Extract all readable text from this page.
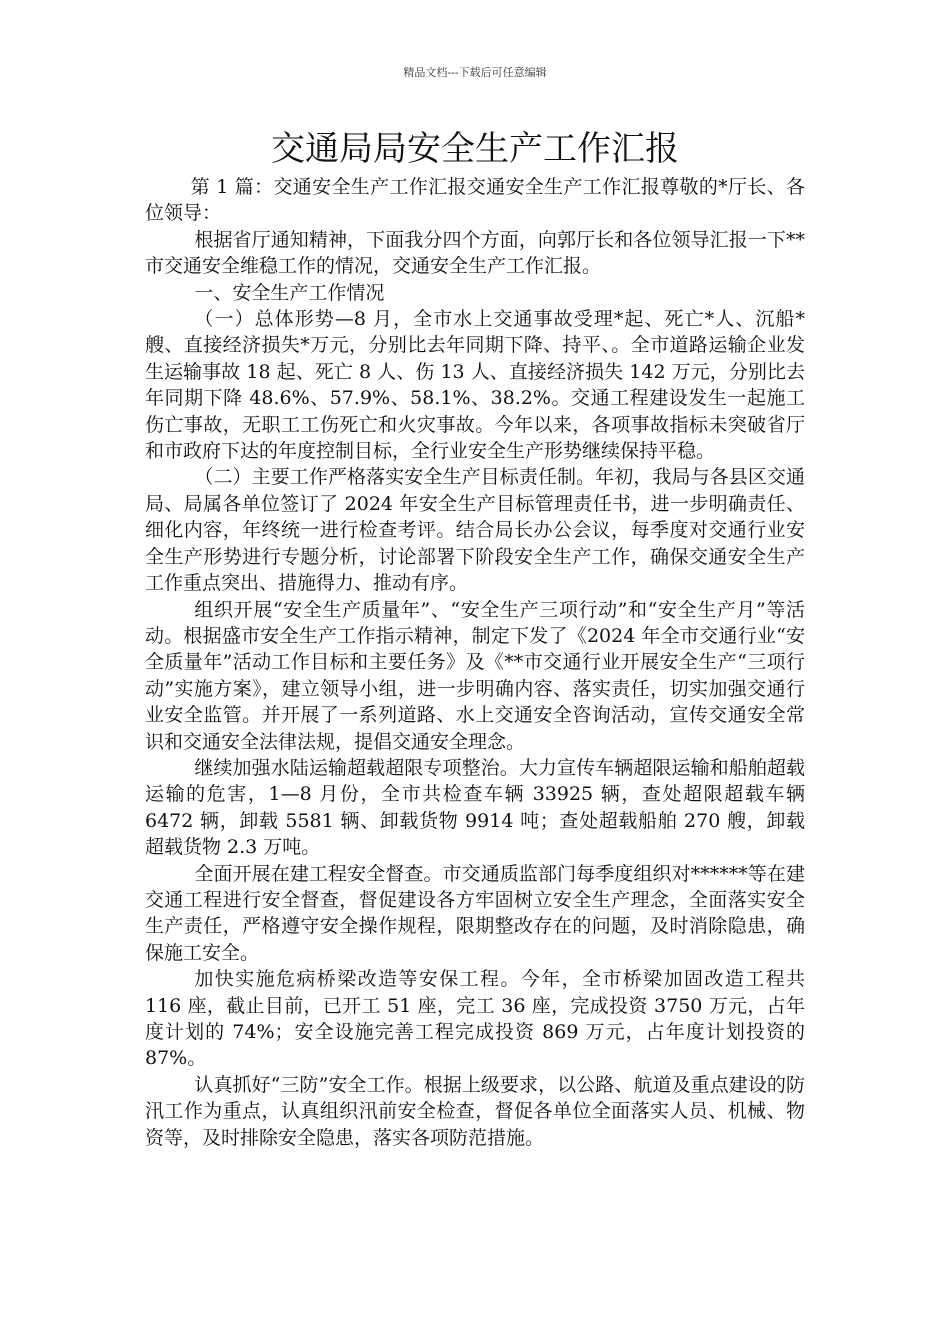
精品文档---下载后可任意编辑
交通局局安全生产工作汇报

第 1 篇：交通安全生产工作汇报交通安全生产工作汇报尊敬的*厅长、各位领导：

根据省厅通知精神，下面我分四个方面，向郭厅长和各位领导汇报一下**市交通安全维稳工作的情况，交通安全生产工作汇报。

一、安全生产工作情况

（一）总体形势—8 月，全市水上交通事故受理*起、死亡*人、沉船*艘、直接经济损失*万元，分别比去年同期下降、持平、。全市道路运输企业发生运输事故 18 起、死亡 8 人、伤 13 人、直接经济损失 142 万元，分别比去年同期下降 48.6%、57.9%、58.1%、38.2%。交通工程建设发生一起施工伤亡事故，无职工工伤死亡和火灾事故。今年以来，各项事故指标未突破省厅和市政府下达的年度控制目标，全行业安全生产形势继续保持平稳。

（二）主要工作严格落实安全生产目标责任制。年初，我局与各县区交通局、局属各单位签订了 2024 年安全生产目标管理责任书，进一步明确责任、细化内容，年终统一进行检查考评。结合局长办公会议，每季度对交通行业安全生产形势进行专题分析，讨论部署下阶段安全生产工作，确保交通安全生产工作重点突出、措施得力、推动有序。

组织开展“安全生产质量年”、“安全生产三项行动”和“安全生产月”等活动。根据盛市安全生产工作指示精神，制定下发了《2024 年全市交通行业“安全质量年”活动工作目标和主要任务》及《**市交通行业开展安全生产“三项行动”实施方案》，建立领导小组，进一步明确内容、落实责任，切实加强交通行业安全监管。并开展了一系列道路、水上交通安全咨询活动，宣传交通安全常识和交通安全法律法规，提倡交通安全理念。

继续加强水陆运输超载超限专项整治。大力宣传车辆超限运输和船舶超载运输的危害，1—8 月份，全市共检查车辆 33925 辆，查处超限超载车辆 6472 辆，卸载 5581 辆、卸载货物 9914 吨；查处超载船舶 270 艘，卸载超载货物 2.3 万吨。

全面开展在建工程安全督查。市交通质监部门每季度组织对******等在建交通工程进行安全督查，督促建设各方牢固树立安全生产理念，全面落实安全生产责任，严格遵守安全操作规程，限期整改存在的问题，及时消除隐患，确保施工安全。

加快实施危病桥梁改造等安保工程。今年，全市桥梁加固改造工程共 116 座，截止目前，已开工 51 座，完工 36 座，完成投资 3750 万元，占年度计划的 74%；安全设施完善工程完成投资 869 万元，占年度计划投资的 87%。

认真抓好“三防”安全工作。根据上级要求，以公路、航道及重点建设的防汛工作为重点，认真组织汛前安全检查，督促各单位全面落实人员、机械、物资等，及时排除安全隐患，落实各项防范措施。
